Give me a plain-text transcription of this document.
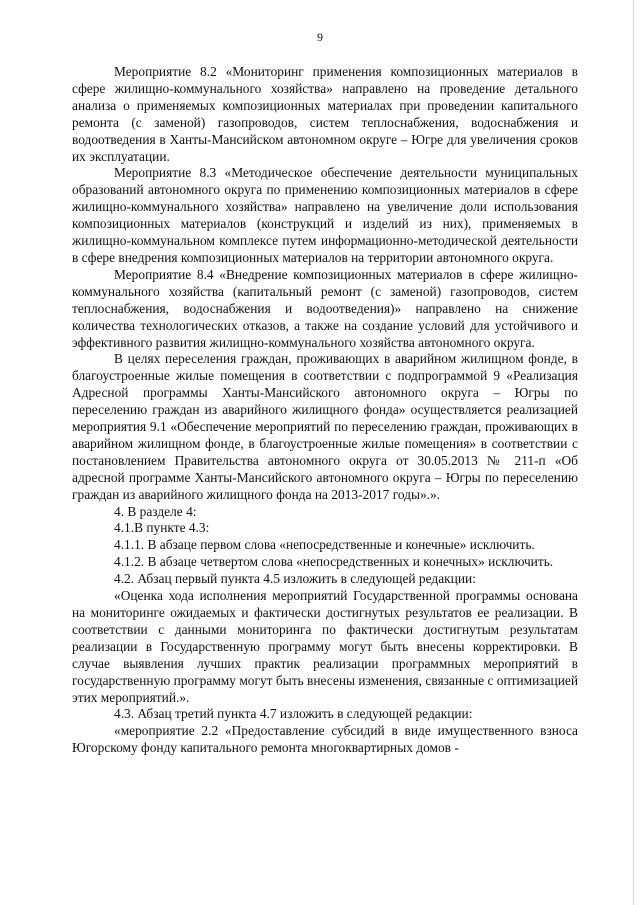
9

Мероприятие 8.2 «Мониторинг применения композиционных материалов в сфере жилищно-коммунального хозяйства» направлено на проведение детального анализа о применяемых композиционных материалах при проведении капитального ремонта (с заменой) газопроводов, систем теплоснабжения, водоснабжения и водоотведения в Ханты-Мансийском автономном округе – Югре для увеличения сроков их эксплуатации.

Мероприятие 8.3 «Методическое обеспечение деятельности муниципальных образований автономного округа по применению композиционных материалов в сфере жилищно-коммунального хозяйства» направлено на увеличение доли использования композиционных материалов (конструкций и изделий из них), применяемых в жилищно-коммунальном комплексе путем информационно-методической деятельности в сфере внедрения композиционных материалов на территории автономного округа.

Мероприятие 8.4 «Внедрение композиционных материалов в сфере жилищно-коммунального хозяйства (капитальный ремонт (с заменой) газопроводов, систем теплоснабжения, водоснабжения и водоотведения)» направлено на снижение количества технологических отказов, а также на создание условий для устойчивого и эффективного развития жилищно-коммунального хозяйства автономного округа.

В целях переселения граждан, проживающих в аварийном жилищном фонде, в благоустроенные жилые помещения в соответствии с подпрограммой 9 «Реализация Адресной программы Ханты-Мансийского автономного округа – Югры по переселению граждан из аварийного жилищного фонда» осуществляется реализацией мероприятия 9.1 «Обеспечение мероприятий по переселению граждан, проживающих в аварийном жилищном фонде, в благоустроенные жилые помещения» в соответствии с постановлением Правительства автономного округа от 30.05.2013 № 211-п «Об адресной программе Ханты-Мансийского автономного округа – Югры по переселению граждан из аварийного жилищного фонда на 2013-2017 годы».».

4. В разделе 4:

4.1.В пункте 4.3:

4.1.1. В абзаце первом слова «непосредственные и конечные» исключить.

4.1.2. В абзаце четвертом слова «непосредственных и конечных» исключить.

4.2. Абзац первый пункта 4.5 изложить в следующей редакции:

«Оценка хода исполнения мероприятий Государственной программы основана на мониторинге ожидаемых и фактически достигнутых результатов ее реализации. В соответствии с данными мониторинга по фактически достигнутым результатам реализации в Государственную программу могут быть внесены корректировки. В случае выявления лучших практик реализации программных мероприятий в государственную программу могут быть внесены изменения, связанные с оптимизацией этих мероприятий.».

4.3. Абзац третий пункта 4.7 изложить в следующей редакции:

«мероприятие 2.2 «Предоставление субсидий в виде имущественного взноса Югорскому фонду капитального ремонта многоквартирных домов -
